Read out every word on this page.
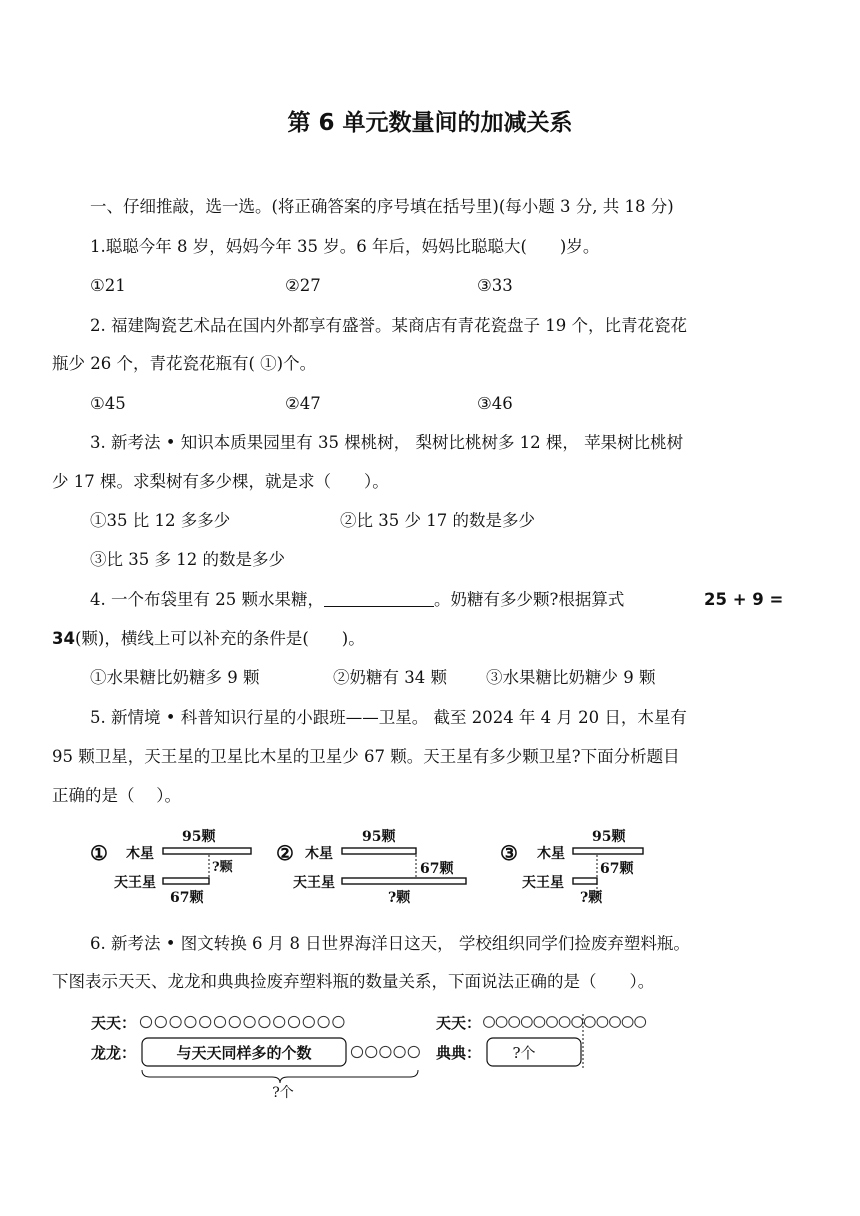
第 6 单元数量间的加减关系
一、仔细推敲，选一选。(将正确答案的序号填在括号里)(每小题 3 分, 共 18 分)
1.聪聪今年 8 岁，妈妈今年 35 岁。6 年后，妈妈比聪聪大(　　)岁。
①21	②27	③33
2. 福建陶瓷艺术品在国内外都享有盛誉。某商店有青花瓷盘子 19 个，比青花瓷花
瓶少 26 个，青花瓷花瓶有( ①)个。
①45	②47	③46
3. 新考法 • 知识本质果园里有 35 棵桃树， 梨树比桃树多 12 棵， 苹果树比桃树
少 17 棵。求梨树有多少棵，就是求（　　）。
①35 比 12 多多少	②比 35 少 17 的数是多少
③比 35 多 12 的数是多少
4. 一个布袋里有 25 颗水果糖，	。奶糖有多少颗?根据算式	25 + 9 =
34(颗)，横线上可以补充的条件是(　　)。
①水果糖比奶糖多 9 颗	②奶糖有 34 颗 ③水果糖比奶糖少 9 颗
5. 新情境 • 科普知识行星的小跟班——卫星。 截至 2024 年 4 月 20 日，木星有
95 颗卫星，天王星的卫星比木星的卫星少 67 颗。天王星有多少颗卫星?下面分析题目
正确的是（　 ）。
① 木星
95颗
?颗
天王星
67颗
② 木星
95颗
67颗
天王星
?颗
③ 木星
95颗
67颗
天王星
?颗
6. 新考法 • 图文转换 6 月 8 日世界海洋日这天， 学校组织同学们捡废弃塑料瓶。
下图表示天天、龙龙和典典捡废弃塑料瓶的数量关系，下面说法正确的是（　　）。
天天：
龙龙：	与天天同样多的个数
?个
天天：
典典： ?个
